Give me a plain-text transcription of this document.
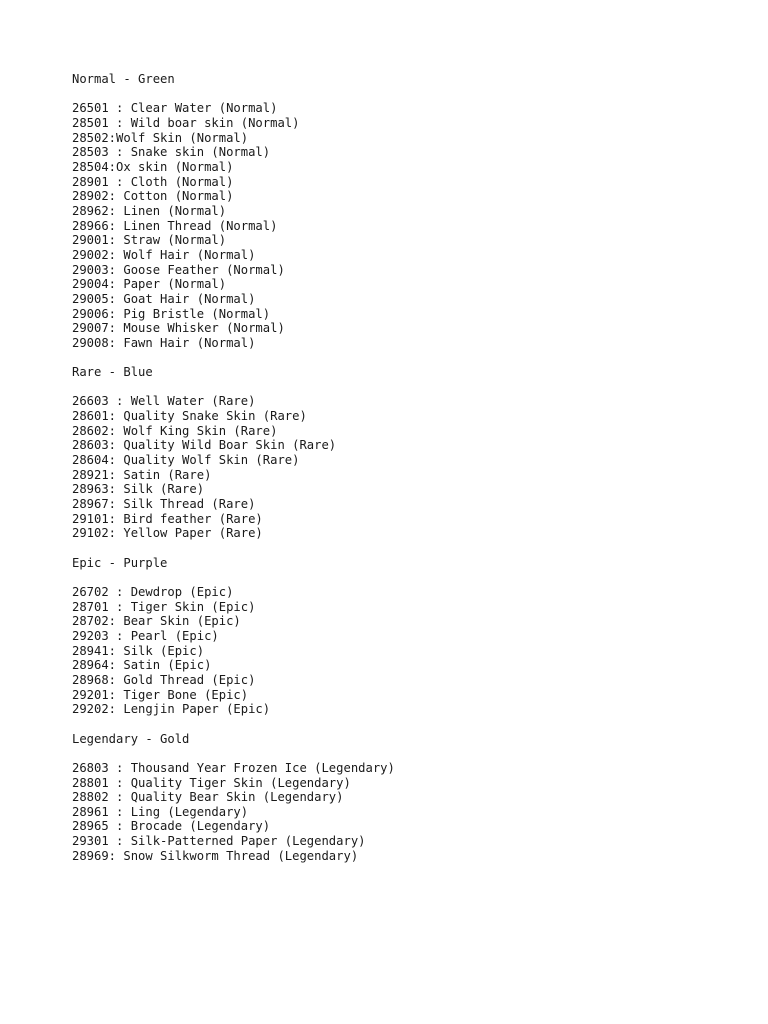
Normal - Green
26501 : Clear Water (Normal)
28501 : Wild boar skin (Normal)
28502:Wolf Skin (Normal)
28503 : Snake skin (Normal)
28504:Ox skin (Normal)
28901 : Cloth (Normal)
28902: Cotton (Normal)
28962: Linen (Normal)
28966: Linen Thread (Normal)
29001: Straw (Normal)
29002: Wolf Hair (Normal)
29003: Goose Feather (Normal)
29004: Paper (Normal)
29005: Goat Hair (Normal)
29006: Pig Bristle (Normal)
29007: Mouse Whisker (Normal)
29008: Fawn Hair (Normal)
Rare - Blue
26603 : Well Water (Rare)
28601: Quality Snake Skin (Rare)
28602: Wolf King Skin (Rare)
28603: Quality Wild Boar Skin (Rare)
28604: Quality Wolf Skin (Rare)
28921: Satin (Rare)
28963: Silk (Rare)
28967: Silk Thread (Rare)
29101: Bird feather (Rare)
29102: Yellow Paper (Rare)
Epic - Purple
26702 : Dewdrop (Epic)
28701 : Tiger Skin (Epic)
28702: Bear Skin (Epic)
29203 : Pearl (Epic)
28941: Silk (Epic)
28964: Satin (Epic)
28968: Gold Thread (Epic)
29201: Tiger Bone (Epic)
29202: Lengjin Paper (Epic)
Legendary - Gold
26803 : Thousand Year Frozen Ice (Legendary)
28801 : Quality Tiger Skin (Legendary)
28802 : Quality Bear Skin (Legendary)
28961 : Ling (Legendary)
28965 : Brocade (Legendary)
29301 : Silk-Patterned Paper (Legendary)
28969: Snow Silkworm Thread (Legendary)
